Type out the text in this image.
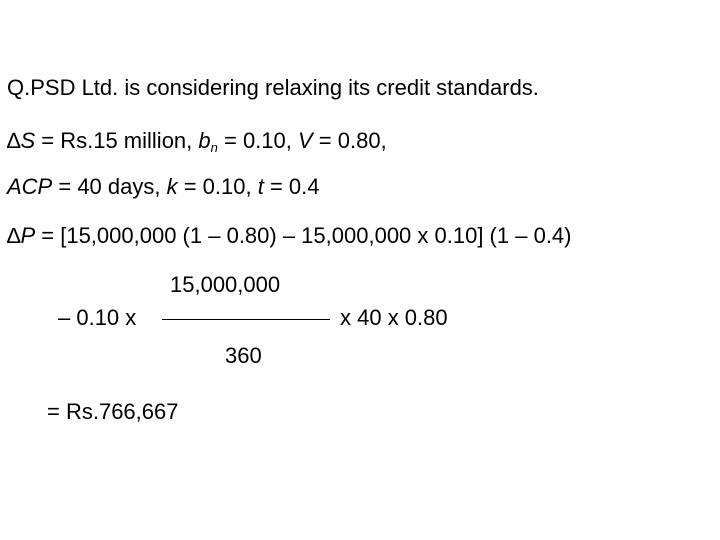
Q.PSD Ltd. is considering relaxing its credit standards.
∆S = Rs.15 million, $b_n = 0.10$, V = 0.80,
ACP = 40 days, k = 0.10, t = 0.4
∆P = [15,000,000 (1 – 0.80) – 15,000,000 x 0.10] (1 – 0.4)
15,000,000
– 0.10 x	x 40 x 0.80
360
= Rs.766,667
